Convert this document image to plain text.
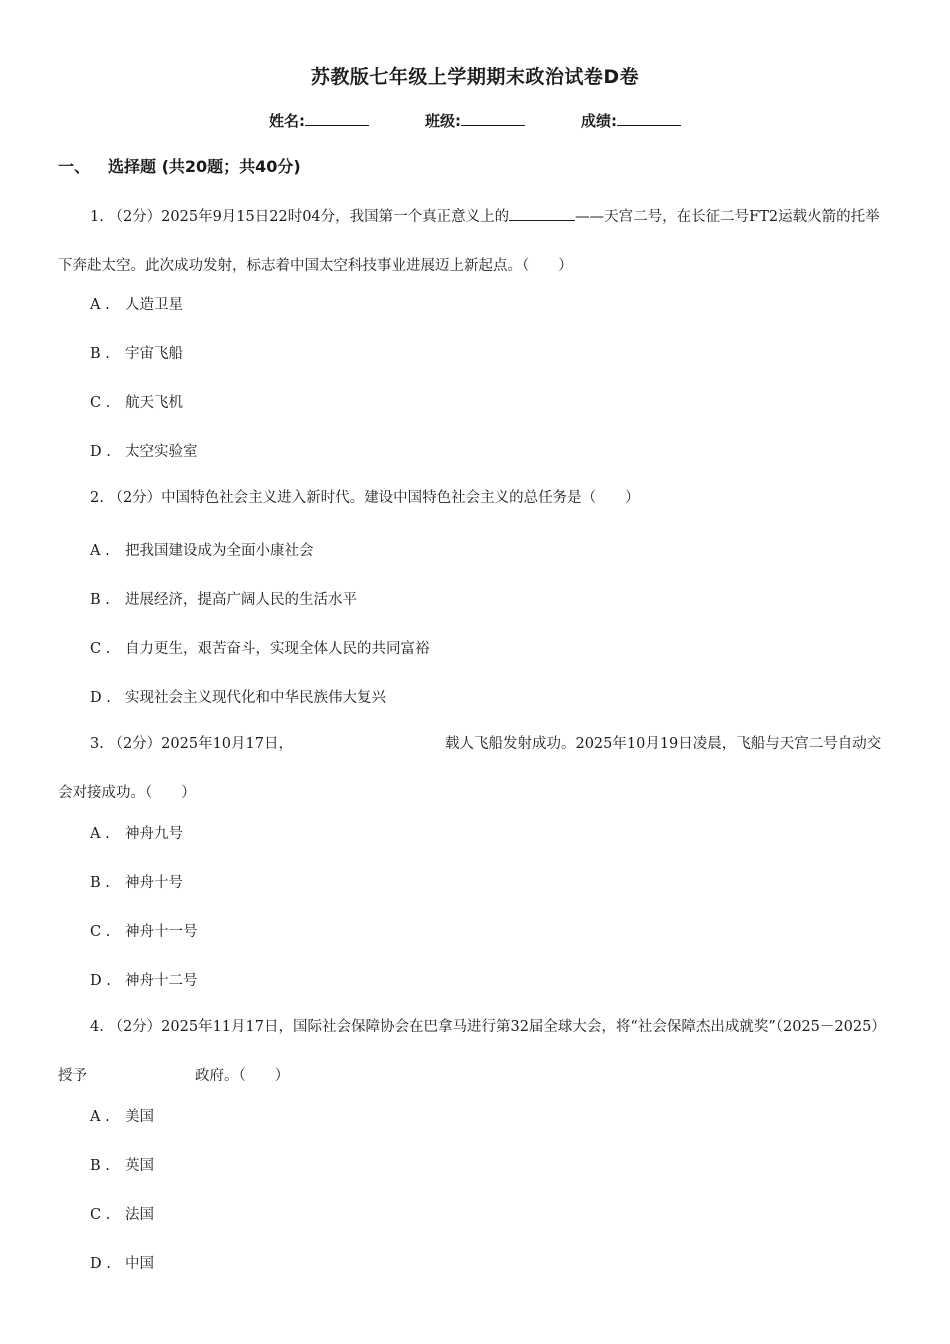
苏教版七年级上学期期末政治试卷D卷
姓名:	班级:	成绩:
一、 选择题 (共20题；共40分)
1. （2分）2025年9月15日22时04分，我国第一个真正意义上的	——天宫二号，在长征二号FT2运载火箭的托举下奔赴太空。此次成功发射，标志着中国太空科技事业进展迈上新起点。（　　）
A . 人造卫星
B . 宇宙飞船
C . 航天飞机
D . 太空实验室
2. （2分）中国特色社会主义进入新时代。建设中国特色社会主义的总任务是（　　）
A . 把我国建设成为全面小康社会
B . 进展经济，提高广阔人民的生活水平
C . 自力更生，艰苦奋斗，实现全体人民的共同富裕
D . 实现社会主义现代化和中华民族伟大复兴
3. （2分）2025年10月17日，	载人飞船发射成功。2025年10月19日凌晨，飞船与天宫二号自动交会对接成功。（　　）
A . 神舟九号
B . 神舟十号
C . 神舟十一号
D . 神舟十二号
4. （2分）2025年11月17日，国际社会保障协会在巴拿马进行第32届全球大会，将“社会保障杰出成就奖”（2025－2025）授予	政府。（　　）
A . 美国
B . 英国
C . 法国
D . 中国
